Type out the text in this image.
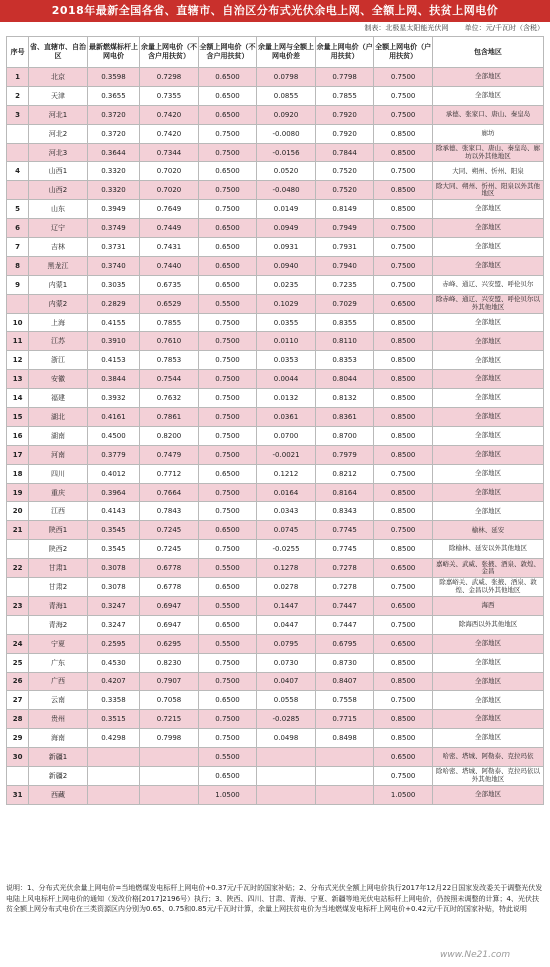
2018年最新全国各省、直辖市、自治区分布式光伏余电上网、全额上网、扶贫上网电价
制表：北极星太阳能光伏网 单位：元/千瓦时（含税）
序号	省、直辖市、自治区	最新燃煤标杆上网电价	余量上网电价（不含户用扶贫）	全额上网电价（不含户用扶贫）	余量上网与全额上网电价差	余量上网电价（户用扶贫）	全额上网电价（户用扶贫）	包含地区
1	北京	0.3598	0.7298	0.6500	0.0798	0.7798	0.7500	全部地区
2	天津	0.3655	0.7355	0.6500	0.0855	0.7855	0.7500	全部地区
3	河北1	0.3720	0.7420	0.6500	0.0920	0.7920	0.7500	承德、张家口、唐山、秦皇岛
	河北2	0.3720	0.7420	0.7500	-0.0080	0.7920	0.8500	廊坊
	河北3	0.3644	0.7344	0.7500	-0.0156	0.7844	0.8500	除承德、张家口、唐山、秦皇岛、廊坊以外其他地区
4	山西1	0.3320	0.7020	0.6500	0.0520	0.7520	0.7500	大同、朔州、忻州、阳泉
	山西2	0.3320	0.7020	0.7500	-0.0480	0.7520	0.8500	除大同、朔州、忻州、阳泉以外其他地区
5	山东	0.3949	0.7649	0.7500	0.0149	0.8149	0.8500	全部地区
6	辽宁	0.3749	0.7449	0.6500	0.0949	0.7949	0.7500	全部地区
7	吉林	0.3731	0.7431	0.6500	0.0931	0.7931	0.7500	全部地区
8	黑龙江	0.3740	0.7440	0.6500	0.0940	0.7940	0.7500	全部地区
9	内蒙1	0.3035	0.6735	0.6500	0.0235	0.7235	0.7500	赤峰、通辽、兴安盟、呼伦贝尔
	内蒙2	0.2829	0.6529	0.5500	0.1029	0.7029	0.6500	除赤峰、通辽、兴安盟、呼伦贝尔以外其他地区
10	上海	0.4155	0.7855	0.7500	0.0355	0.8355	0.8500	全部地区
11	江苏	0.3910	0.7610	0.7500	0.0110	0.8110	0.8500	全部地区
12	浙江	0.4153	0.7853	0.7500	0.0353	0.8353	0.8500	全部地区
13	安徽	0.3844	0.7544	0.7500	0.0044	0.8044	0.8500	全部地区
14	福建	0.3932	0.7632	0.7500	0.0132	0.8132	0.8500	全部地区
15	湖北	0.4161	0.7861	0.7500	0.0361	0.8361	0.8500	全部地区
16	湖南	0.4500	0.8200	0.7500	0.0700	0.8700	0.8500	全部地区
17	河南	0.3779	0.7479	0.7500	-0.0021	0.7979	0.8500	全部地区
18	四川	0.4012	0.7712	0.6500	0.1212	0.8212	0.7500	全部地区
19	重庆	0.3964	0.7664	0.7500	0.0164	0.8164	0.8500	全部地区
20	江西	0.4143	0.7843	0.7500	0.0343	0.8343	0.8500	全部地区
21	陕西1	0.3545	0.7245	0.6500	0.0745	0.7745	0.7500	榆林、延安
	陕西2	0.3545	0.7245	0.7500	-0.0255	0.7745	0.8500	除榆林、延安以外其他地区
22	甘肃1	0.3078	0.6778	0.5500	0.1278	0.7278	0.6500	嘉峪关、武威、张掖、酒泉、敦煌、金昌
	甘肃2	0.3078	0.6778	0.6500	0.0278	0.7278	0.7500	除嘉峪关、武威、张掖、酒泉、敦煌、金昌以外其他地区
23	青海1	0.3247	0.6947	0.5500	0.1447	0.7447	0.6500	海西
	青海2	0.3247	0.6947	0.6500	0.0447	0.7447	0.7500	除海西以外其他地区
24	宁夏	0.2595	0.6295	0.5500	0.0795	0.6795	0.6500	全部地区
25	广东	0.4530	0.8230	0.7500	0.0730	0.8730	0.8500	全部地区
26	广西	0.4207	0.7907	0.7500	0.0407	0.8407	0.8500	全部地区
27	云南	0.3358	0.7058	0.6500	0.0558	0.7558	0.7500	全部地区
28	贵州	0.3515	0.7215	0.7500	-0.0285	0.7715	0.8500	全部地区
29	海南	0.4298	0.7998	0.7500	0.0498	0.8498	0.8500	全部地区
30	新疆1			0.5500			0.6500	哈密、塔城、阿勒泰、克拉玛依
	新疆2			0.6500			0.7500	除哈密、塔城、阿勒泰、克拉玛依以外其他地区
31	西藏			1.0500			1.0500	全部地区
说明：1、分布式光伏余量上网电价=当地燃煤发电标杆上网电价+0.37元/千瓦时的国家补贴；2、分布式光伏全额上网电价执行2017年12月22日国家发改委关于调整光伏发电陆上风电标杆上网电价的通知（发改价格[2017]2196号）执行；3、陕西、四川、甘肃、青海、宁夏、新疆等地光伏电站标杆上网电价，仍按照未调整的计算；4、光伏扶贫全额上网分布式电价在三类资源区内分别为0.65、0.75和0.85元/千瓦时计算，余量上网扶贫电价为当地燃煤发电标杆上网电价+0.42元/千瓦时的国家补贴，特此说明
www.Ne21.com
